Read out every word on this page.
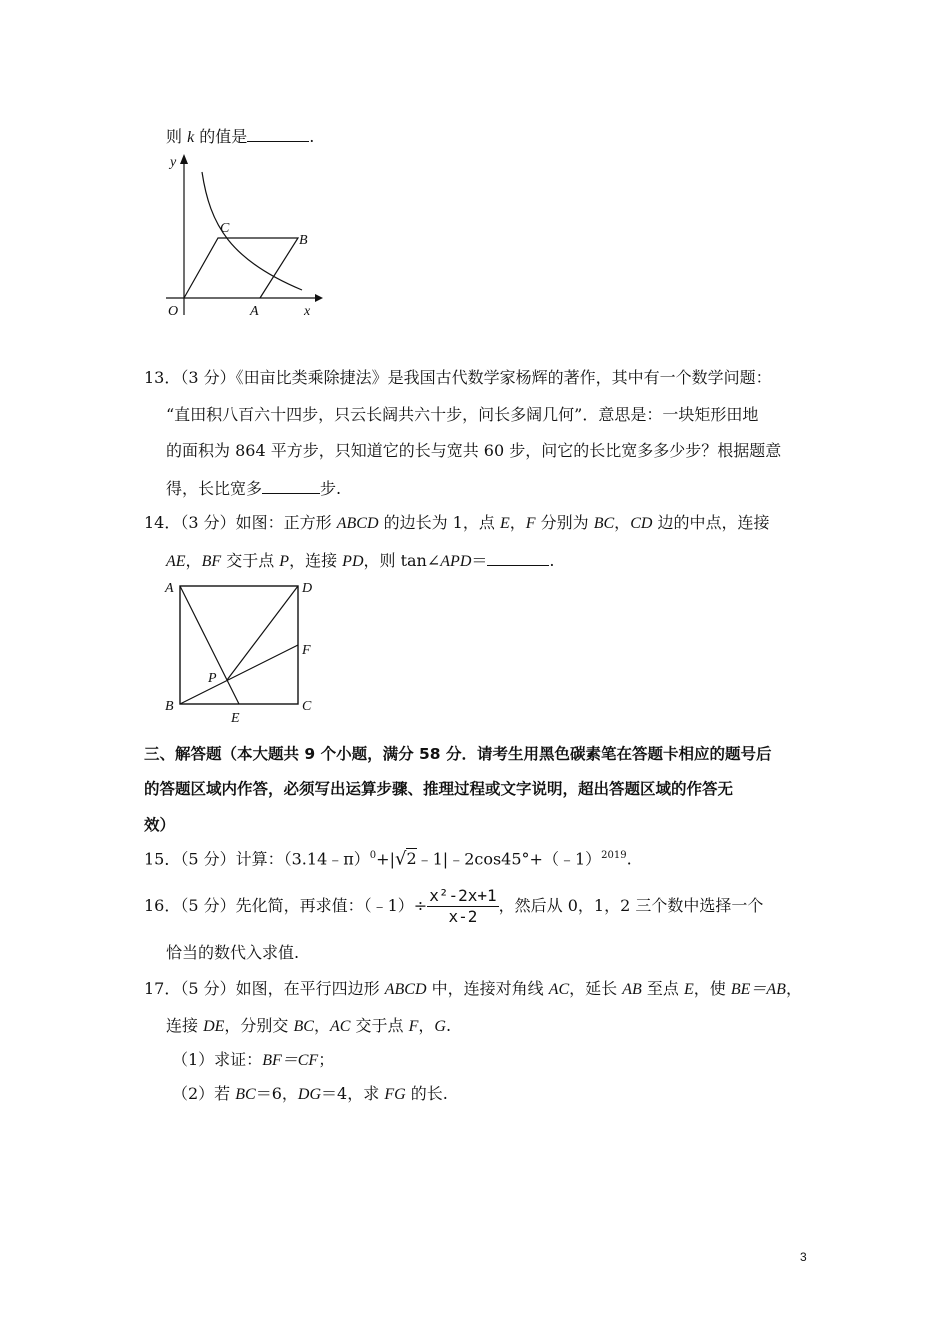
则 k 的值是	.
y
x
O	A
B
C
13．（3 分）《田亩比类乘除捷法》是我国古代数学家杨辉的著作，其中有一个数学问题：
“直田积八百六十四步，只云长阔共六十步，问长多阔几何”．意思是：一块矩形田地
的面积为 864 平方步，只知道它的长与宽共 60 步，问它的长比宽多多少步？根据题意
得，长比宽多	步.
14．（3 分）如图：正方形 ABCD 的边长为 1，点 E，F 分别为 BC，CD 边的中点，连接
AE，BF 交于点 P，连接 PD，则 tan∠APD＝	.
A	D
F
B	C
E
P
三、解答题（本大题共 9 个小题，满分 58 分．请考生用黑色碳素笔在答题卡相应的题号后
的答题区域内作答，必须写出运算步骤、推理过程或文字说明，超出答题区域的作答无
效）
15．（5 分）计算：（3.14﹣π）$^0$+|√2﹣1|﹣2cos45°+（﹣1）$^{2019}$.
16．（5 分）先化简，再求值：（﹣1）÷ $\frac{\text{x²-2x+1}}{x-2}$ ，然后从 0，1，2 三个数中选择一个
恰当的数代入求值.
17．（5 分）如图，在平行四边形 ABCD 中，连接对角线 AC，延长 AB 至点 E，使 BE＝AB，
连接 DE，分别交 BC，AC 交于点 F，G.
（1）求证：BF＝CF；
（2）若 BC＝6，DG＝4，求 FG 的长.
3
